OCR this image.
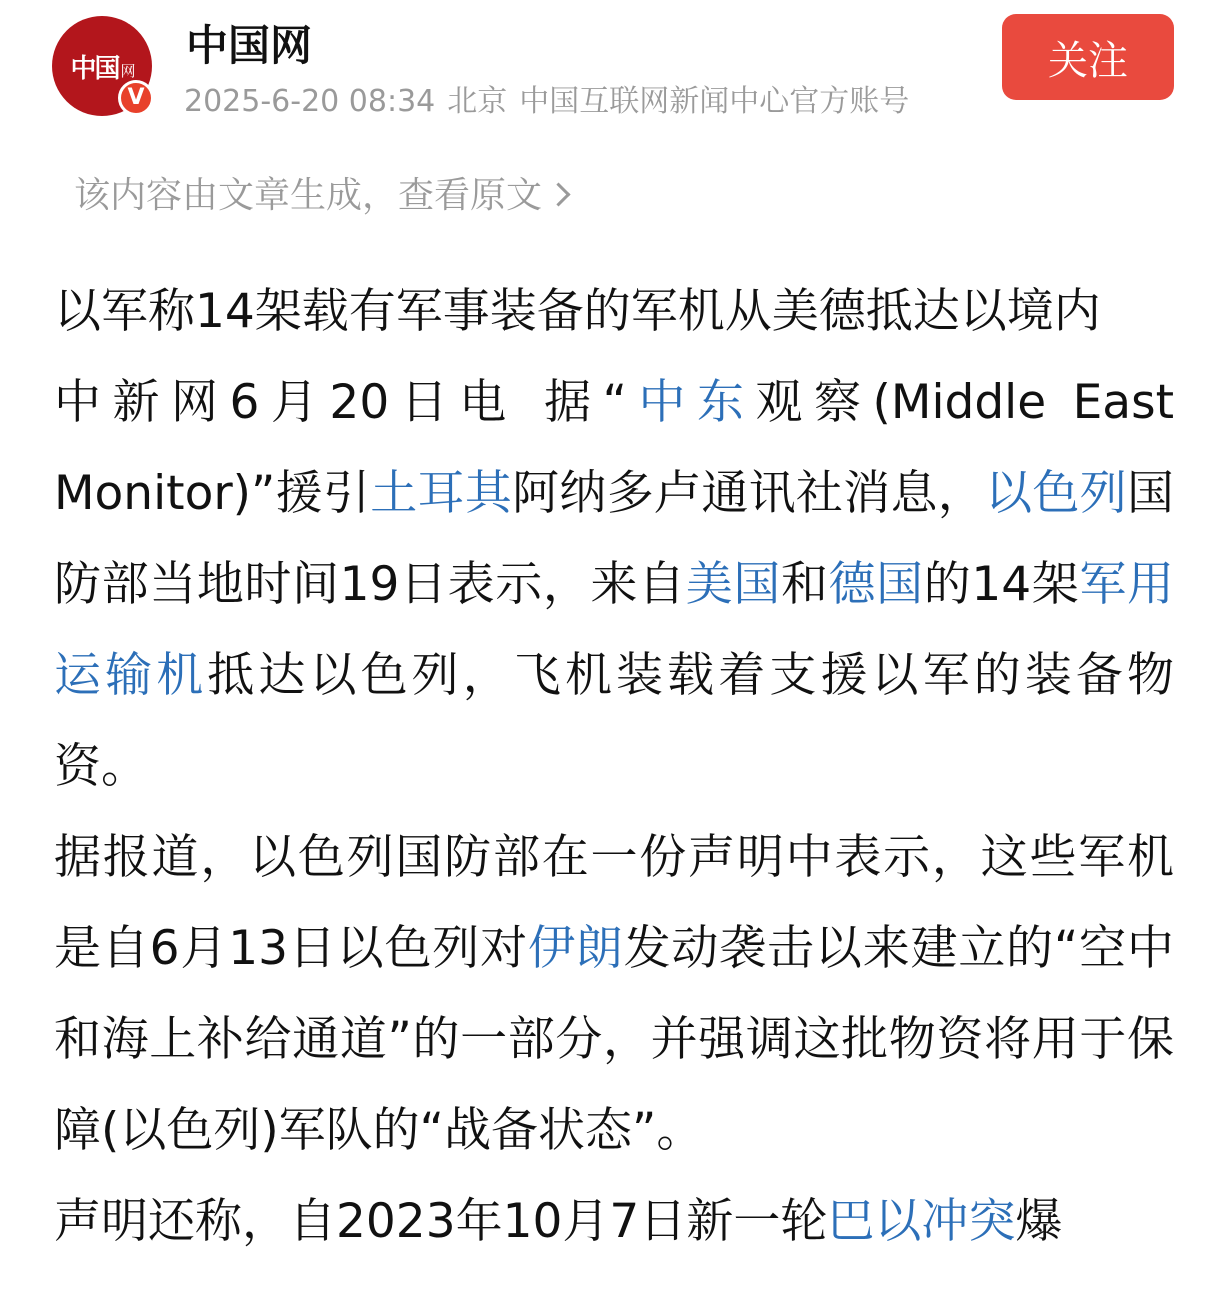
中国 网
V
中国网
2025-6-20 08:34 北京 中国互联网新闻中心官方账号
关注
该内容由文章生成，查看原文

以军称14架载有军事装备的军机从美德抵达以境内

中新网6月20日电 据“中东观察(Middle East Monitor)”援引土耳其阿纳多卢通讯社消息，以色列国防部当地时间19日表示，来自美国和德国的14架军用运输机抵达以色列，飞机装载着支援以军的装备物资。

据报道，以色列国防部在一份声明中表示，这些军机是自6月13日以色列对伊朗发动袭击以来建立的“空中和海上补给通道”的一部分，并强调这批物资将用于保障(以色列)军队的“战备状态”。

声明还称，自2023年10月7日新一轮巴以冲突爆
